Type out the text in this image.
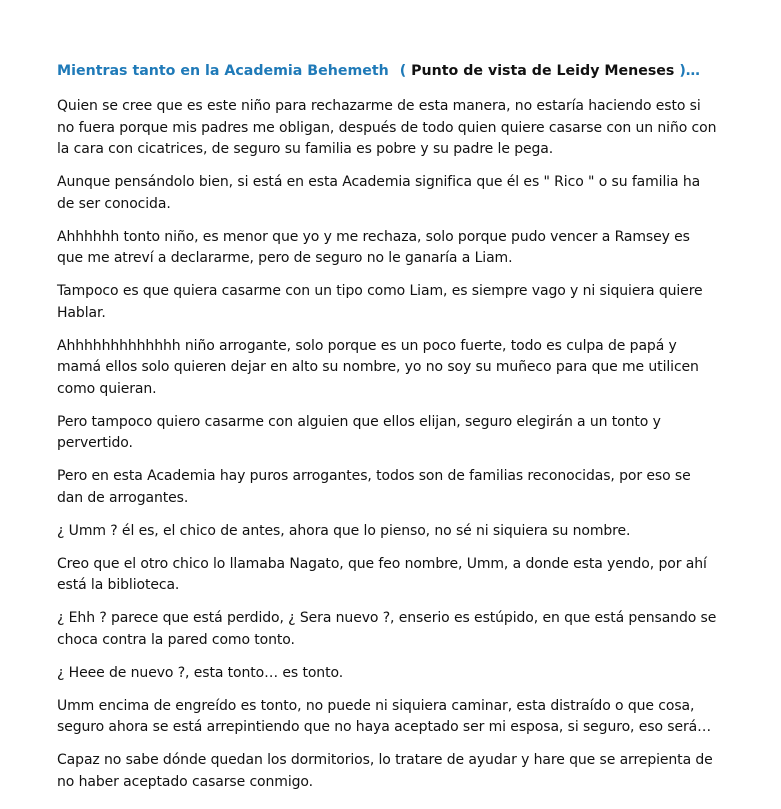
Mientras tanto en la Academia Behemeth ( Punto de vista de Leidy Meneses )…

Quien se cree que es este niño para rechazarme de esta manera, no estaría haciendo esto si no fuera porque mis padres me obligan, después de todo quien quiere casarse con un niño con la cara con cicatrices, de seguro su familia es pobre y su padre le pega.

Aunque pensándolo bien, si está en esta Academia significa que él es " Rico " o su familia ha de ser conocida.

Ahhhhhh tonto niño, es menor que yo y me rechaza, solo porque pudo vencer a Ramsey es que me atreví a declararme, pero de seguro no le ganaría a Liam.

Tampoco es que quiera casarme con un tipo como Liam, es siempre vago y ni siquiera quiere Hablar.

Ahhhhhhhhhhhhh niño arrogante, solo porque es un poco fuerte, todo es culpa de papá y mamá ellos solo quieren dejar en alto su nombre, yo no soy su muñeco para que me utilicen como quieran.

Pero tampoco quiero casarme con alguien que ellos elijan, seguro elegirán a un tonto y pervertido.

Pero en esta Academia hay puros arrogantes, todos son de familias reconocidas, por eso se dan de arrogantes.

¿ Umm ? él es, el chico de antes, ahora que lo pienso, no sé ni siquiera su nombre.

Creo que el otro chico lo llamaba Nagato, que feo nombre, Umm, a donde esta yendo, por ahí está la biblioteca.

¿ Ehh ? parece que está perdido, ¿ Sera nuevo ?, enserio es estúpido, en que está pensando se choca contra la pared como tonto.

¿ Heee de nuevo ?, esta tonto… es tonto.

Umm encima de engreído es tonto, no puede ni siquiera caminar, esta distraído o que cosa, seguro ahora se está arrepintiendo que no haya aceptado ser mi esposa, si seguro, eso será…

Capaz no sabe dónde quedan los dormitorios, lo tratare de ayudar y hare que se arrepienta de no haber aceptado casarse conmigo.
